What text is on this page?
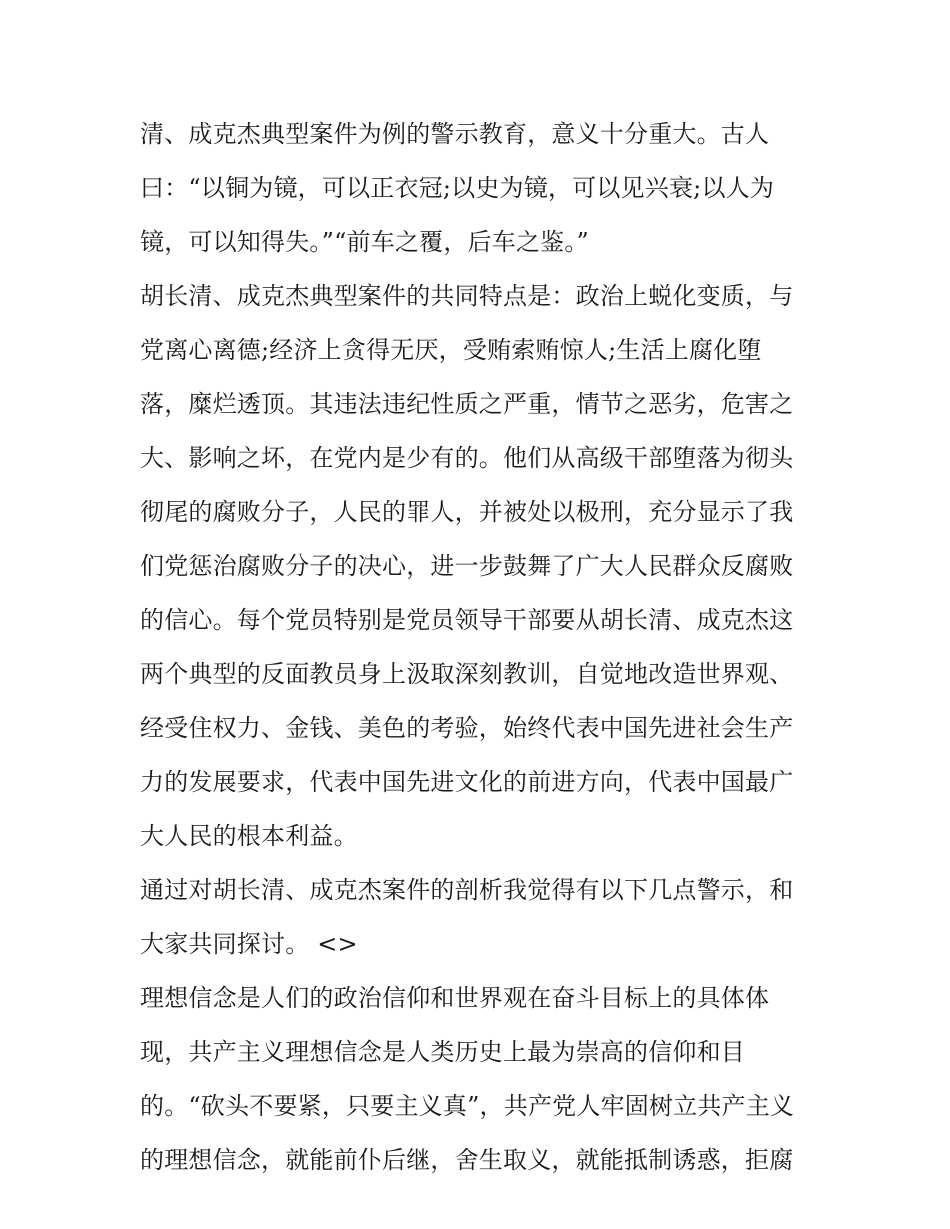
清、成克杰典型案件为例的警示教育，意义十分重大。古人
曰：“以铜为镜，可以正衣冠;以史为镜，可以见兴衰;以人为
镜，可以知得失。”“前车之覆，后车之鉴。”
胡长清、成克杰典型案件的共同特点是：政治上蜕化变质，与
党离心离德;经济上贪得无厌，受贿索贿惊人;生活上腐化堕
落，糜烂透顶。其违法违纪性质之严重，情节之恶劣，危害之
大、影响之坏，在党内是少有的。他们从高级干部堕落为彻头
彻尾的腐败分子，人民的罪人，并被处以极刑，充分显示了我
们党惩治腐败分子的决心，进一步鼓舞了广大人民群众反腐败
的信心。每个党员特别是党员领导干部要从胡长清、成克杰这
两个典型的反面教员身上汲取深刻教训，自觉地改造世界观、
经受住权力、金钱、美色的考验，始终代表中国先进社会生产
力的发展要求，代表中国先进文化的前进方向，代表中国最广
大人民的根本利益。
通过对胡长清、成克杰案件的剖析我觉得有以下几点警示，和
大家共同探讨。 <>
理想信念是人们的政治信仰和世界观在奋斗目标上的具体体
现，共产主义理想信念是人类历史上最为崇高的信仰和目
的。“砍头不要紧，只要主义真”，共产党人牢固树立共产主义
的理想信念，就能前仆后继，舍生取义，就能抵制诱惑，拒腐
